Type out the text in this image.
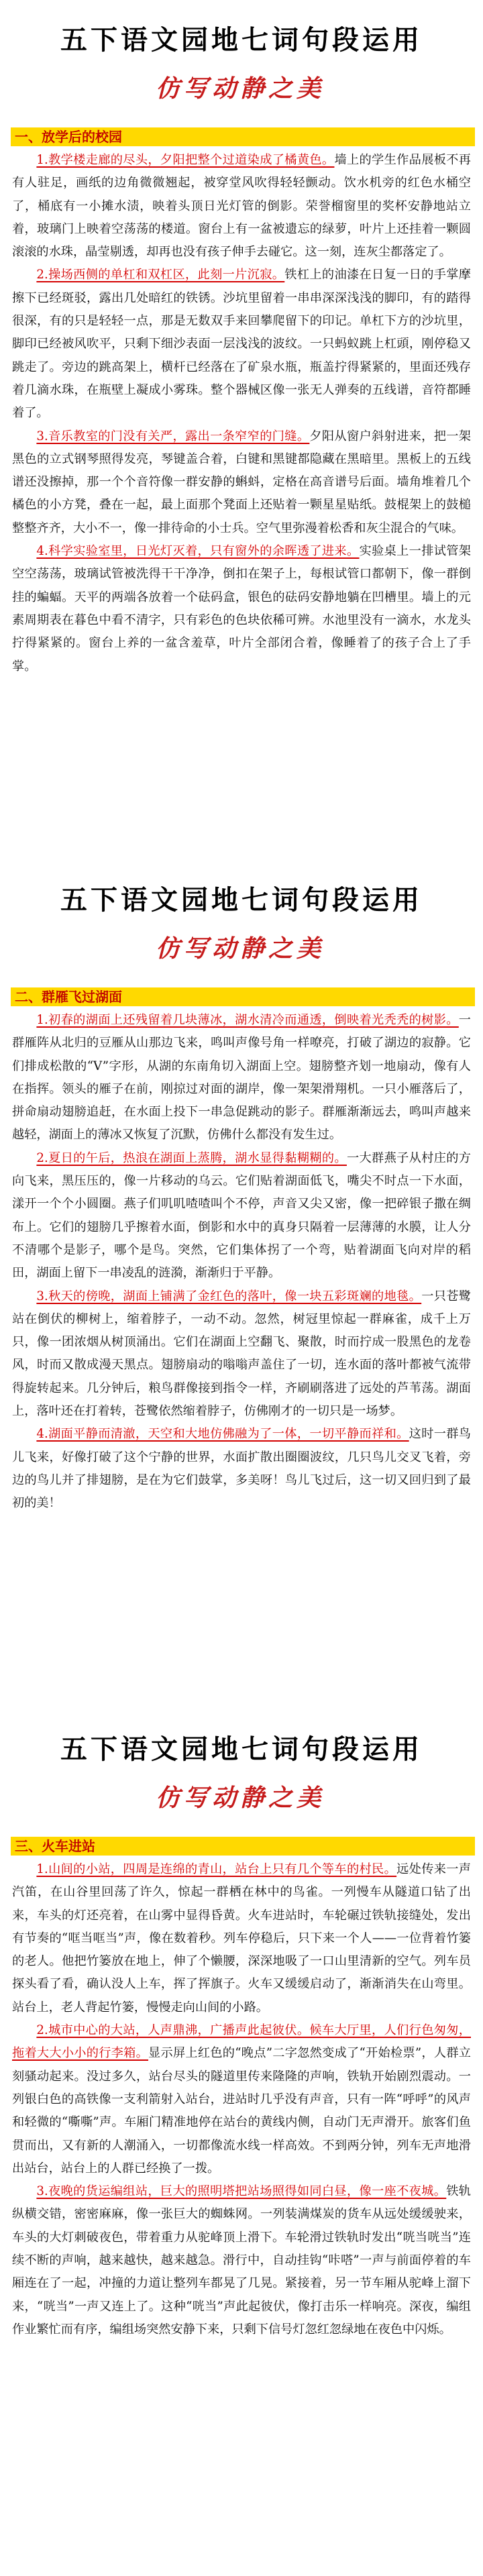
五下语文园地七词句段运用
仿写动静之美
一、放学后的校园

1.教学楼走廊的尽头，夕阳把整个过道染成了橘黄色。墙上的学生作品展板不再有人驻足，画纸的边角微微翘起，被穿堂风吹得轻轻颤动。饮水机旁的红色水桶空了，桶底有一小摊水渍，映着头顶日光灯管的倒影。荣誉榴窗里的奖杯安静地站立着，玻璃门上映着空荡荡的楼道。窗台上有一盆被遗忘的绿萝，叶片上还挂着一颗圆滚滚的水珠，晶莹剔透，却再也没有孩子伸手去碰它。这一刻，连灰尘都落定了。

2.操场西侧的单杠和双杠区，此刻一片沉寂。铁杠上的油漆在日复一日的手掌摩擦下已经斑驳，露出几处暗红的铁锈。沙坑里留着一串串深深浅浅的脚印，有的踏得很深，有的只是轻轻一点，那是无数双手来回攀爬留下的印记。单杠下方的沙坑里，脚印已经被风吹平，只剩下细沙表面一层浅浅的波纹。一只蚂蚁跳上杠頭，刚停稳又跳走了。旁边的跳高架上，横杆已经落在了矿泉水瓶，瓶盖拧得紧紧的，里面还残存着几滴水珠，在瓶壁上凝成小雾珠。整个器械区像一张无人弹奏的五线谱，音符都睡着了。

3.音乐教室的门没有关严，露出一条窄窄的门缝。夕阳从窗户斜射进来，把一架黑色的立式钢琴照得发亮，琴键盖合着，白键和黑键都隐藏在黑暗里。黑板上的五线谱还没擦掉，那一个个音符像一群安静的蝌蚪，定格在高音谱号后面。墙角堆着几个橘色的小方凳，叠在一起，最上面那个凳面上还贴着一颗星星贴纸。鼓棍架上的鼓槌整整齐齐，大小不一，像一排待命的小士兵。空气里弥漫着松香和灰尘混合的气味。

4.科学实验室里，日光灯灭着，只有窗外的余晖透了进来。实验桌上一排试管架空空荡荡，玻璃试管被洗得干干净净，倒扣在架子上，每根试管口都朝下，像一群倒挂的蝙蝠。天平的两端各放着一个砝码盒，银色的砝码安静地躺在凹槽里。墙上的元素周期表在暮色中看不清字，只有彩色的色块依稀可辨。水池里没有一滴水，水龙头拧得紧紧的。窗台上养的一盆含羞草，叶片全部闭合着，像睡着了的孩子合上了手掌。

五下语文园地七词句段运用
仿写动静之美
二、群雁飞过湖面

1.初春的湖面上还残留着几块薄冰，湖水清冷而通透，倒映着光秃秃的树影。一群雁阵从北归的豆雁从山那边飞来，鸣叫声像号角一样嘹亮，打破了湖边的寂静。它们排成松散的“V”字形，从湖的东南角切入湖面上空。翅膀整齐划一地扇动，像有人在指挥。领头的雁子在前，刚掠过对面的湖岸，像一架架滑翔机。一只小雁落后了，拼命扇动翅膀追赶，在水面上投下一串急促跳动的影子。群雁渐渐远去，鸣叫声越来越轻，湖面上的薄冰又恢复了沉默，仿佛什么都没有发生过。

2.夏日的午后，热浪在湖面上蒸腾，湖水显得黏糊糊的。一大群燕子从村庄的方向飞来，黑压压的，像一片移动的乌云。它们贴着湖面低飞，嘴尖不时点一下水面，漾开一个个小圆圈。燕子们叽叽喳喳叫个不停，声音又尖又密，像一把碎银子撒在绸布上。它们的翅膀几乎擦着水面，倒影和水中的真身只隔着一层薄薄的水膜，让人分不清哪个是影子，哪个是鸟。突然，它们集体拐了一个弯，贴着湖面飞向对岸的稻田，湖面上留下一串凌乱的涟漪，渐渐归于平静。

3.秋天的傍晚，湖面上铺满了金红色的落叶，像一块五彩斑斓的地毯。一只苍鹭站在倒伏的柳树上，缩着脖子，一动不动。忽然，树冠里惊起一群麻雀，成千上万只，像一团浓烟从树顶涌出。它们在湖面上空翻飞、聚散，时而拧成一股黑色的龙卷风，时而又散成漫天黑点。翅膀扇动的嗡嗡声盖住了一切，连水面的落叶都被气流带得旋转起来。几分钟后，粮鸟群像接到指令一样，齐刷刷落进了远处的芦苇荡。湖面上，落叶还在打着转，苍鹭依然缩着脖子，仿佛刚才的一切只是一场梦。

4.湖面平静而清澈，天空和大地仿佛融为了一体，一切平静而祥和。这时一群鸟儿飞来，好像打破了这个宁静的世界，水面扩散出圈圈波纹，几只鸟儿交叉飞着，旁边的鸟儿并了排翅膀，是在为它们鼓掌，多美呀！鸟儿飞过后，这一切又回归到了最初的美！

五下语文园地七词句段运用
仿写动静之美
三、火车进站

1.山间的小站，四周是连绵的青山，站台上只有几个等车的村民。远处传来一声汽笛，在山谷里回荡了许久，惊起一群栖在林中的鸟雀。一列慢车从隧道口钻了出来，车头的灯还亮着，在山雾中显得昏黄。火车进站时，车轮碾过铁轨接缝处，发出有节奏的“哐当哐当”声，像在数着秒。列车停稳后，只下来一个人——一位背着竹篓的老人。他把竹篓放在地上，伸了个懒腰，深深地吸了一口山里清新的空气。列车员探头看了看，确认没人上车，挥了挥旗子。火车又缓缓启动了，渐渐消失在山弯里。站台上，老人背起竹篓，慢慢走向山间的小路。

2.城市中心的大站，人声鼎沸，广播声此起彼伏。候车大厅里，人们行色匆匆，拖着大大小小的行李箱。显示屏上红色的“晚点”二字忽然变成了“开始检票”，人群立刻骚动起来。没过多久，站台尽头的隧道里传来隆隆的声响，铁轨开始剧烈震动。一列银白色的高铁像一支利箭射入站台，进站时几乎没有声音，只有一阵“呼呼”的风声和轻微的“嘶嘶”声。车厢门精准地停在站台的黄线内侧，自动门无声滑开。旅客们鱼贯而出，又有新的人潮涌入，一切都像流水线一样高效。不到两分钟，列车无声地滑出站台，站台上的人群已经换了一拨。

3.夜晚的货运编组站，巨大的照明塔把站场照得如同白昼，像一座不夜城。铁轨纵横交错，密密麻麻，像一张巨大的蜘蛛网。一列装满煤炭的货车从远处缓缓驶来，车头的大灯刺破夜色，带着重力从驼峰顶上滑下。车轮滑过铁轨时发出“咣当咣当”连续不断的声响，越来越快，越来越急。滑行中，自动挂钩“咔嗒”一声与前面停着的车厢连在了一起，冲撞的力道让整列车都晃了几晃。紧接着，另一节车厢从驼峰上溜下来，“咣当”一声又连上了。这种“咣当”声此起彼伏，像打击乐一样响亮。深夜，编组作业繁忙而有序，编组场突然安静下来，只剩下信号灯忽红忽绿地在夜色中闪烁。
